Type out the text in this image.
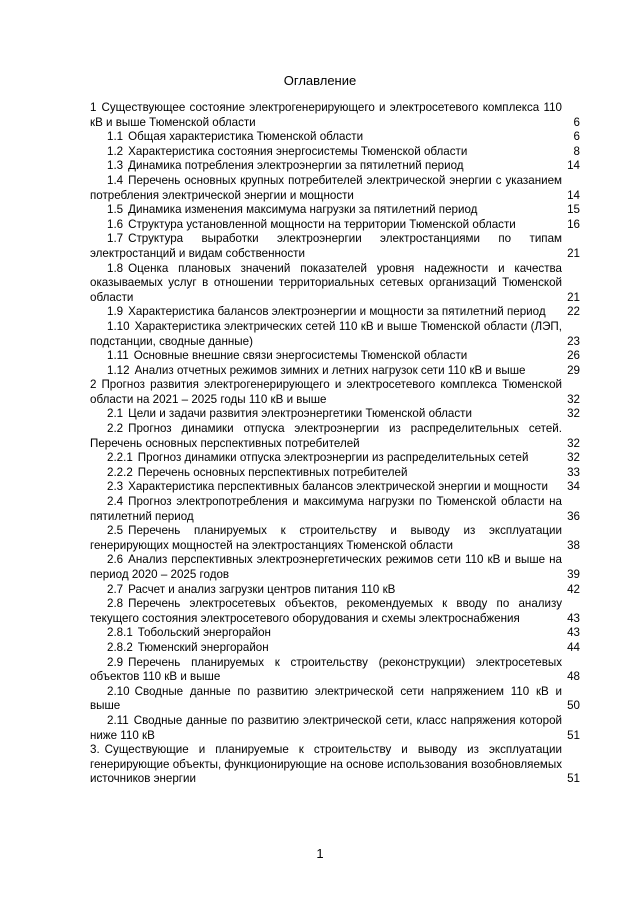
Оглавление
1 Существующее состояние электрогенерирующего и электросетевого комплекса 110 кВ и выше Тюменской области	6
1.1 Общая характеристика Тюменской области	6
1.2 Характеристика состояния энергосистемы Тюменской области	8
1.3 Динамика потребления электроэнергии за пятилетний период	14
1.4 Перечень основных крупных потребителей электрической энергии с указанием потребления электрической энергии и мощности	14
1.5 Динамика изменения максимума нагрузки за пятилетний период	15
1.6 Структура установленной мощности на территории Тюменской области	16
1.7 Структура выработки электроэнергии электростанциями по типам электростанций и видам собственности	21
1.8 Оценка плановых значений показателей уровня надежности и качества оказываемых услуг в отношении территориальных сетевых организаций Тюменской области	21
1.9 Характеристика балансов электроэнергии и мощности за пятилетний период 22
1.10 Характеристика электрических сетей 110 кВ и выше Тюменской области (ЛЭП, подстанции, сводные данные)	23
1.11 Основные внешние связи энергосистемы Тюменской области	26
1.12 Анализ отчетных режимов зимних и летних нагрузок сети 110 кВ и выше	29
2 Прогноз развития электрогенерирующего и электросетевого комплекса Тюменской области на 2021 – 2025 годы 110 кВ и выше	32
2.1 Цели и задачи развития электроэнергетики Тюменской области	32
2.2 Прогноз динамики отпуска электроэнергии из распределительных сетей. Перечень основных перспективных потребителей	32
2.2.1 Прогноз динамики отпуска электроэнергии из распределительных сетей	32
2.2.2 Перечень основных перспективных потребителей	33
2.3 Характеристика перспективных балансов электрической энергии и мощности 34
2.4 Прогноз электропотребления и максимума нагрузки по Тюменской области на пятилетний период	36
2.5 Перечень планируемых к строительству и выводу из эксплуатации генерирующих мощностей на электростанциях Тюменской области	38
2.6 Анализ перспективных электроэнергетических режимов сети 110 кВ и выше на период 2020 – 2025 годов	39
2.7 Расчет и анализ загрузки центров питания 110 кВ	42
2.8 Перечень электросетевых объектов, рекомендуемых к вводу по анализу текущего состояния электросетевого оборудования и схемы электроснабжения	43
2.8.1 Тобольский энергорайон	43
2.8.2 Тюменский энергорайон	44
2.9 Перечень планируемых к строительству (реконструкции) электросетевых объектов 110 кВ и выше	48
2.10 Сводные данные по развитию электрической сети напряжением 110 кВ и выше	50
2.11 Сводные данные по развитию электрической сети, класс напряжения которой ниже 110 кВ	51
3. Существующие и планируемые к строительству и выводу из эксплуатации генерирующие объекты, функционирующие на основе использования возобновляемых источников энергии	51
1
